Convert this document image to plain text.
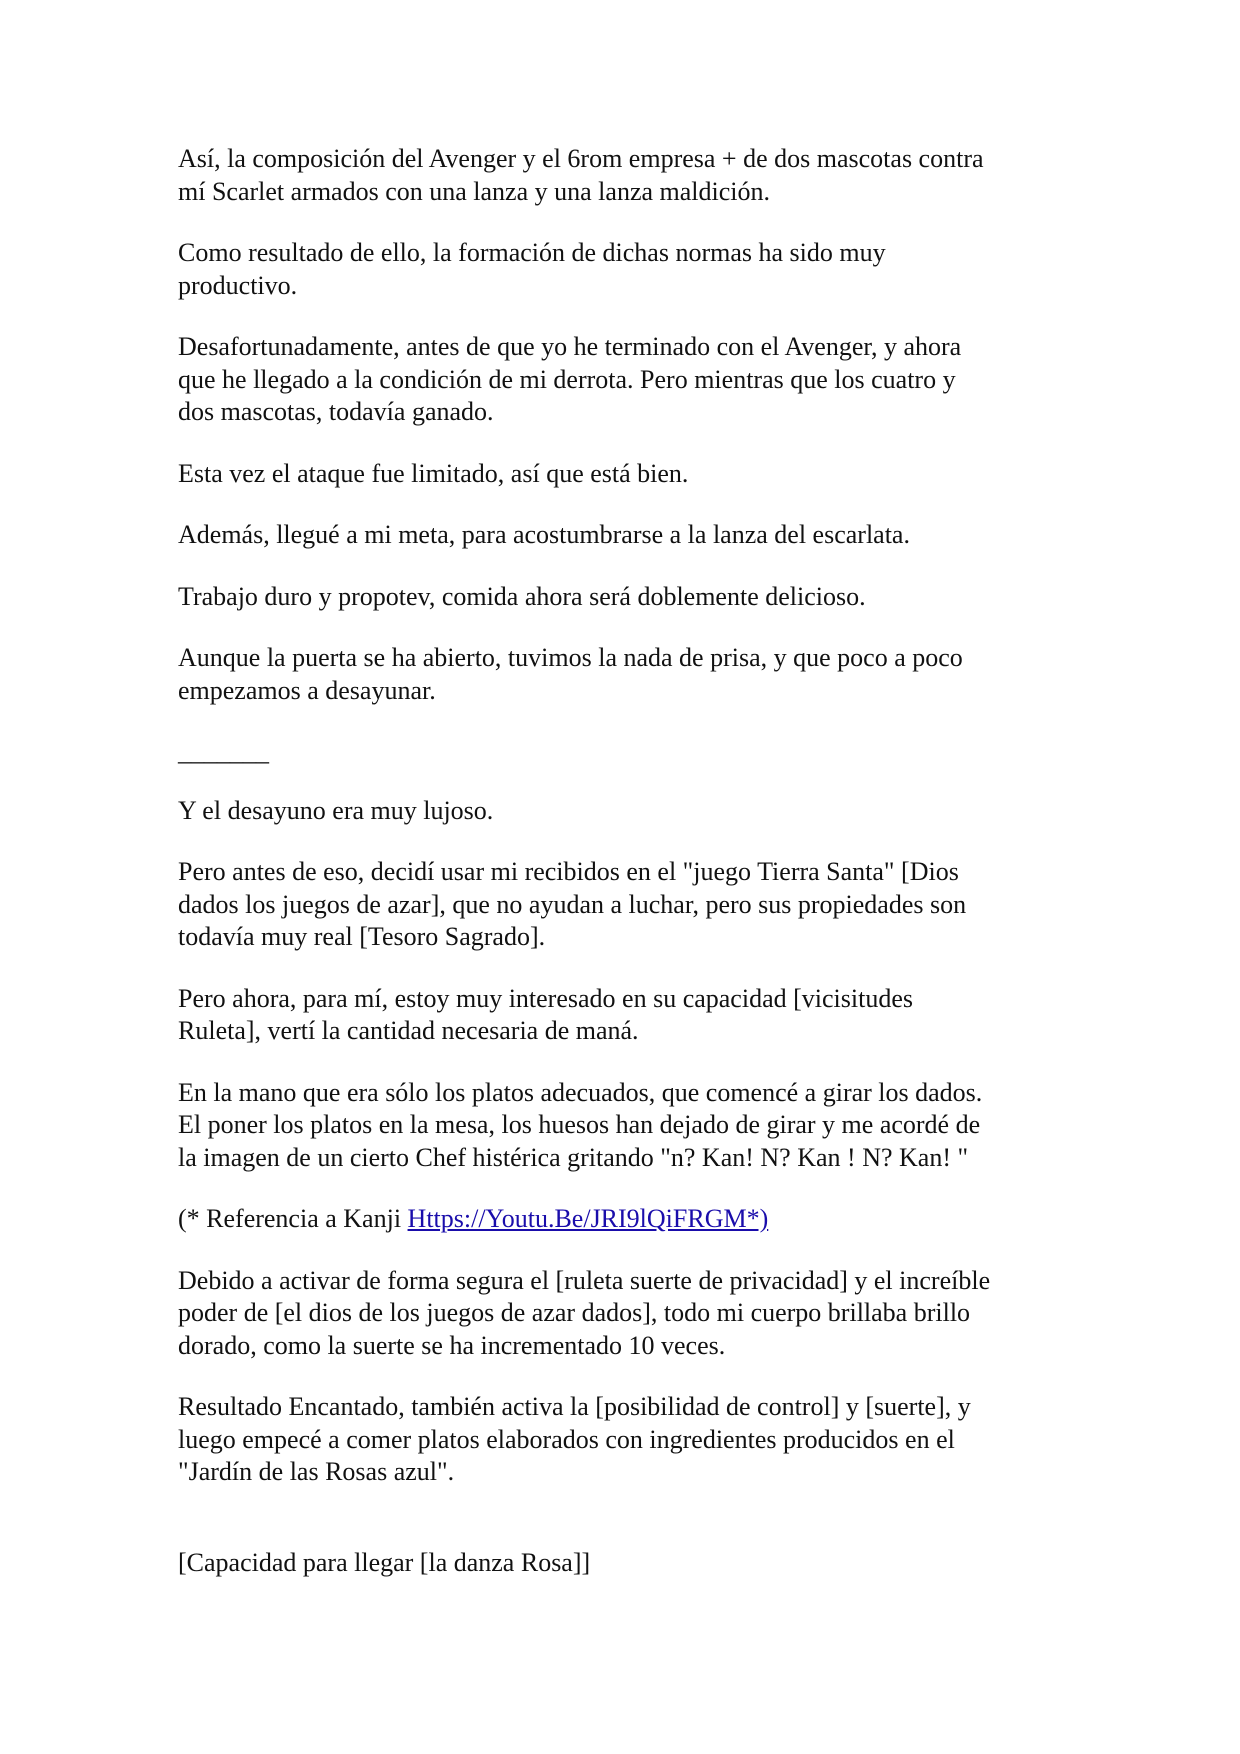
Así, la composición del Avenger y el 6rom empresa + de dos mascotas contra
mí Scarlet armados con una lanza y una lanza maldición.

Como resultado de ello, la formación de dichas normas ha sido muy
productivo.

Desafortunadamente, antes de que yo he terminado con el Avenger, y ahora
que he llegado a la condición de mi derrota. Pero mientras que los cuatro y
dos mascotas, todavía ganado.

Esta vez el ataque fue limitado, así que está bien.

Además, llegué a mi meta, para acostumbrarse a la lanza del escarlata.

Trabajo duro y propotev, comida ahora será doblemente delicioso.

Aunque la puerta se ha abierto, tuvimos la nada de prisa, y que poco a poco
empezamos a desayunar.

_______

Y el desayuno era muy lujoso.

Pero antes de eso, decidí usar mi recibidos en el "juego Tierra Santa" [Dios
dados los juegos de azar], que no ayudan a luchar, pero sus propiedades son
todavía muy real [Tesoro Sagrado].

Pero ahora, para mí, estoy muy interesado en su capacidad [vicisitudes
Ruleta], vertí la cantidad necesaria de maná.

En la mano que era sólo los platos adecuados, que comencé a girar los dados.
El poner los platos en la mesa, los huesos han dejado de girar y me acordé de
la imagen de un cierto Chef histérica gritando "n? Kan! N? Kan ! N? Kan! "

(* Referencia a Kanji Https://Youtu.Be/JRI9lQiFRGM*)

Debido a activar de forma segura el [ruleta suerte de privacidad] y el increíble
poder de [el dios de los juegos de azar dados], todo mi cuerpo brillaba brillo
dorado, como la suerte se ha incrementado 10 veces.

Resultado Encantado, también activa la [posibilidad de control] y [suerte], y
luego empecé a comer platos elaborados con ingredientes producidos en el
"Jardín de las Rosas azul".

[Capacidad para llegar [la danza Rosa]]
